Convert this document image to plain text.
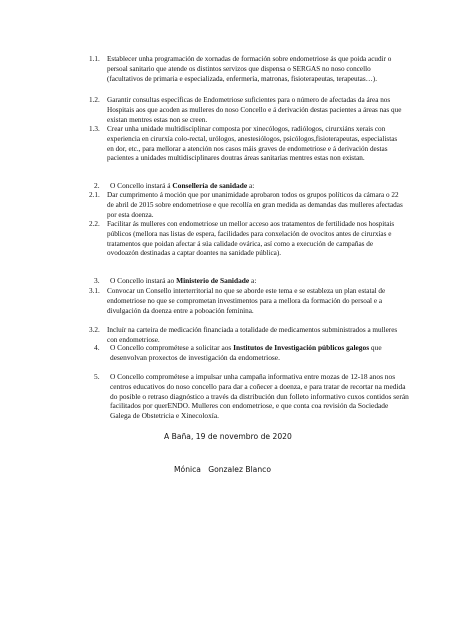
1.1.	Establecer unha programación de xornadas de formación sobre endometriose ás que poida acudir o persoal sanitario que atende os distintos servizos que dispensa o SERGAS no noso concello (facultativos de primaria e especializada, enfermería, matronas, fisioterapeutas, terapeutas…).
1.2.	Garantir consultas específicas de Endometriose suficientes para o número de afectadas da área nos Hospitais aos que acoden as mulleres do noso Concello e á derivación destas pacientes a áreas nas que existan mentres estas non se creen.
1.3.	Crear unha unidade multidisciplinar composta por xinecólogos, radiólogos, cirurxiáns xerais con experiencia en cirurxía colo-rectal, urólogos, anestesiólogos, psicólogos,fisioterapeutas, especialistas en dor, etc., para mellorar a atención nos casos máis graves de endometriose e á derivación destas pacientes a unidades multidisciplinares doutras áreas sanitarias mentres estas non existan.
2. O Concello instará á Consellería de sanidade a:
2.1.	Dar cumprimento á moción que por unanimidade aprobaron todos os grupos políticos da cámara o 22 de abril de 2015 sobre endometriose e que recollía en gran medida as demandas das mulleres afectadas por esta doenza.
2.2.	Facilitar ás mulleres con endometriose un mellor acceso aos tratamentos de fertilidade nos hospitais públicos (mellora nas listas de espera, facilidades para conxelación de ovocitos antes de cirurxías e tratamentos que poidan afectar á súa calidade ovárica, así como a execución de campañas de ovodoazón destinadas a captar doantes na sanidade pública).
3. O Concello instará ao Ministerio de Sanidade a:
3.1.	Convocar un Consello interterritorial no que se aborde este tema e se estableza un plan estatal de endometriose no que se comprometan investimentos para a mellora da formación do persoal e a divulgación da doenza entre a poboación feminina.
3.2.	Incluír na carteira de medicación financiada a totalidade de medicamentos subministrados a mulleres con endometriose.
4. O Concello comprométese a solicitar aos Institutos de Investigación públicos galegos que desenvolvan proxectos de investigación da endometriose.
5. O Concello comprométese a impulsar unha campaña informativa entre mozas de 12-18 anos nos centros educativos do noso concello para dar a coñecer a doenza, e para tratar de recortar na medida do posible o retraso diagnóstico a través da distribución dun folleto informativo cuxos contidos serán facilitados por querENDO. Mulleres con endometriose, e que conta coa revisión da Sociedade Galega de Obstetricia e Xinecoloxía.
A Baña, 19 de novembro de 2020
Mónica   Gonzalez Blanco
